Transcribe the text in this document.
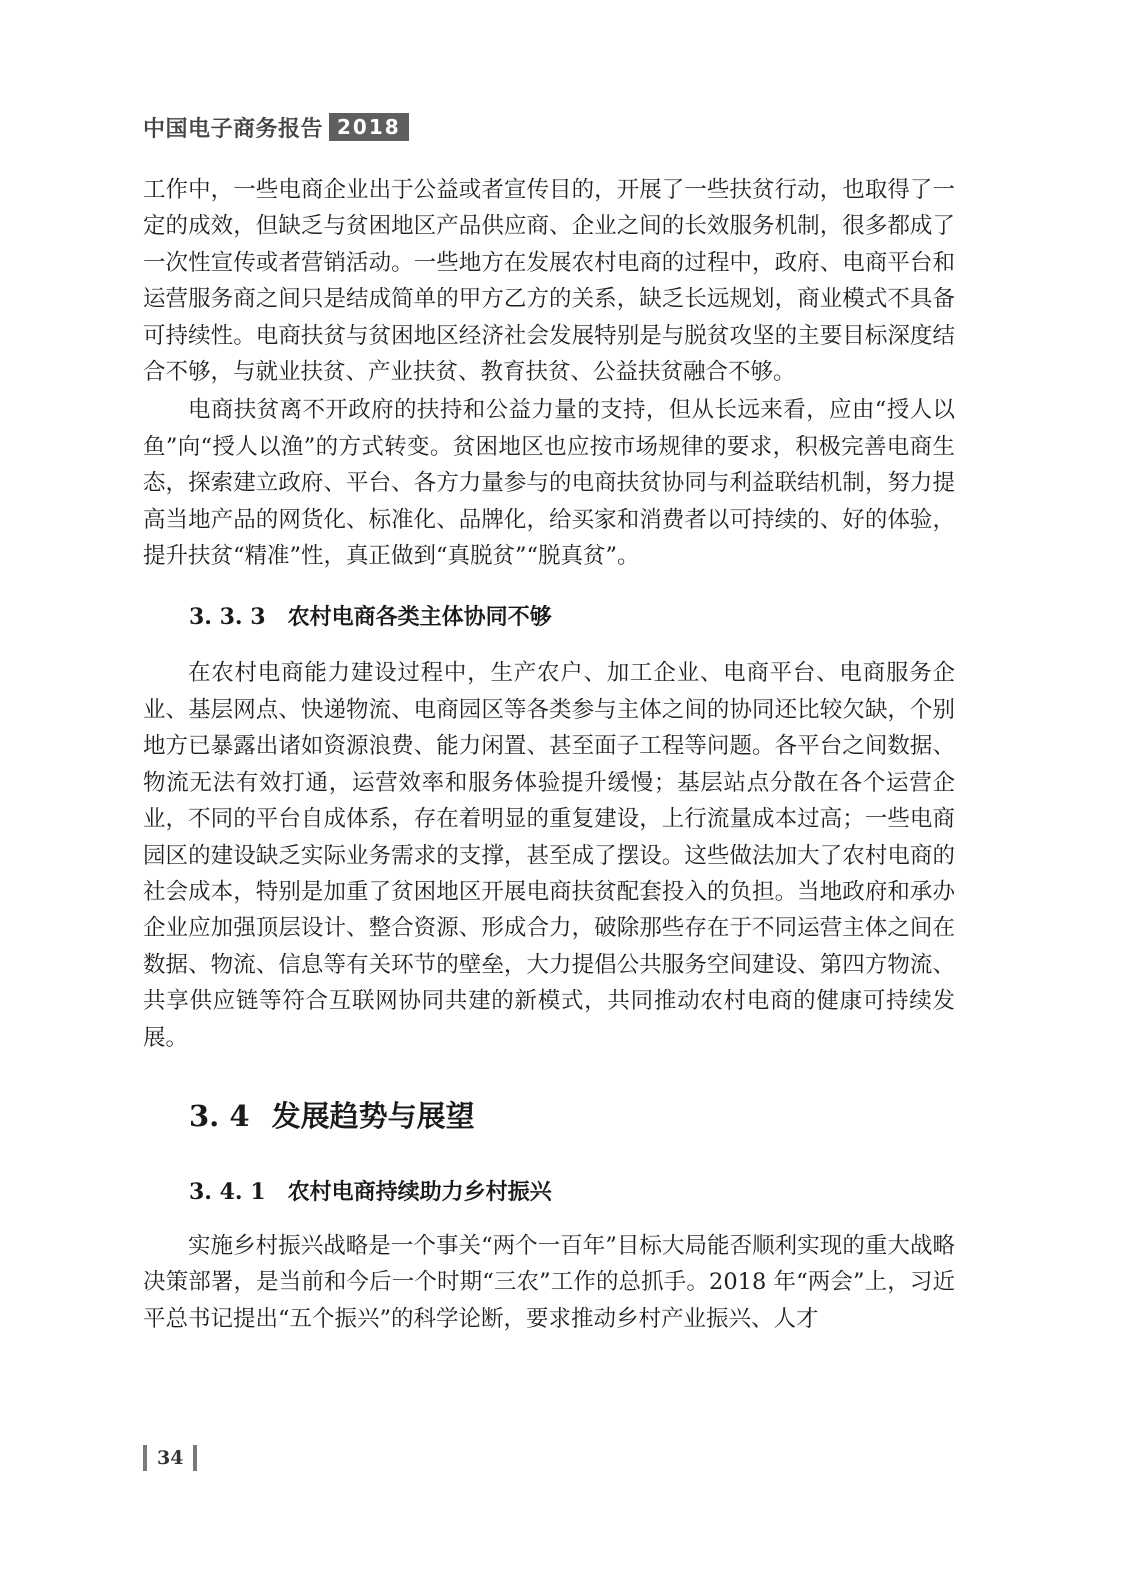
中国电子商务报告 2018

工作中，一些电商企业出于公益或者宣传目的，开展了一些扶贫行动，也取得了一定的成效，但缺乏与贫困地区产品供应商、企业之间的长效服务机制，很多都成了一次性宣传或者营销活动。一些地方在发展农村电商的过程中，政府、电商平台和运营服务商之间只是结成简单的甲方乙方的关系，缺乏长远规划，商业模式不具备可持续性。电商扶贫与贫困地区经济社会发展特别是与脱贫攻坚的主要目标深度结合不够，与就业扶贫、产业扶贫、教育扶贫、公益扶贫融合不够。

电商扶贫离不开政府的扶持和公益力量的支持，但从长远来看，应由“授人以鱼”向“授人以渔”的方式转变。贫困地区也应按市场规律的要求，积极完善电商生态，探索建立政府、平台、各方力量参与的电商扶贫协同与利益联结机制，努力提高当地产品的网货化、标准化、品牌化，给买家和消费者以可持续的、好的体验，提升扶贫“精准”性，真正做到“真脱贫”“脱真贫”。

3. 3. 3 农村电商各类主体协同不够

在农村电商能力建设过程中，生产农户、加工企业、电商平台、电商服务企业、基层网点、快递物流、电商园区等各类参与主体之间的协同还比较欠缺，个别地方已暴露出诸如资源浪费、能力闲置、甚至面子工程等问题。各平台之间数据、物流无法有效打通，运营效率和服务体验提升缓慢；基层站点分散在各个运营企业，不同的平台自成体系，存在着明显的重复建设，上行流量成本过高；一些电商园区的建设缺乏实际业务需求的支撑，甚至成了摆设。这些做法加大了农村电商的社会成本，特别是加重了贫困地区开展电商扶贫配套投入的负担。当地政府和承办企业应加强顶层设计、整合资源、形成合力，破除那些存在于不同运营主体之间在数据、物流、信息等有关环节的壁垒，大力提倡公共服务空间建设、第四方物流、共享供应链等符合互联网协同共建的新模式，共同推动农村电商的健康可持续发展。

3. 4 发展趋势与展望
3. 4. 1 农村电商持续助力乡村振兴

实施乡村振兴战略是一个事关“两个一百年”目标大局能否顺利实现的重大战略决策部署，是当前和今后一个时期“三农”工作的总抓手。2018 年“两会”上，习近平总书记提出“五个振兴”的科学论断，要求推动乡村产业振兴、人才

34
